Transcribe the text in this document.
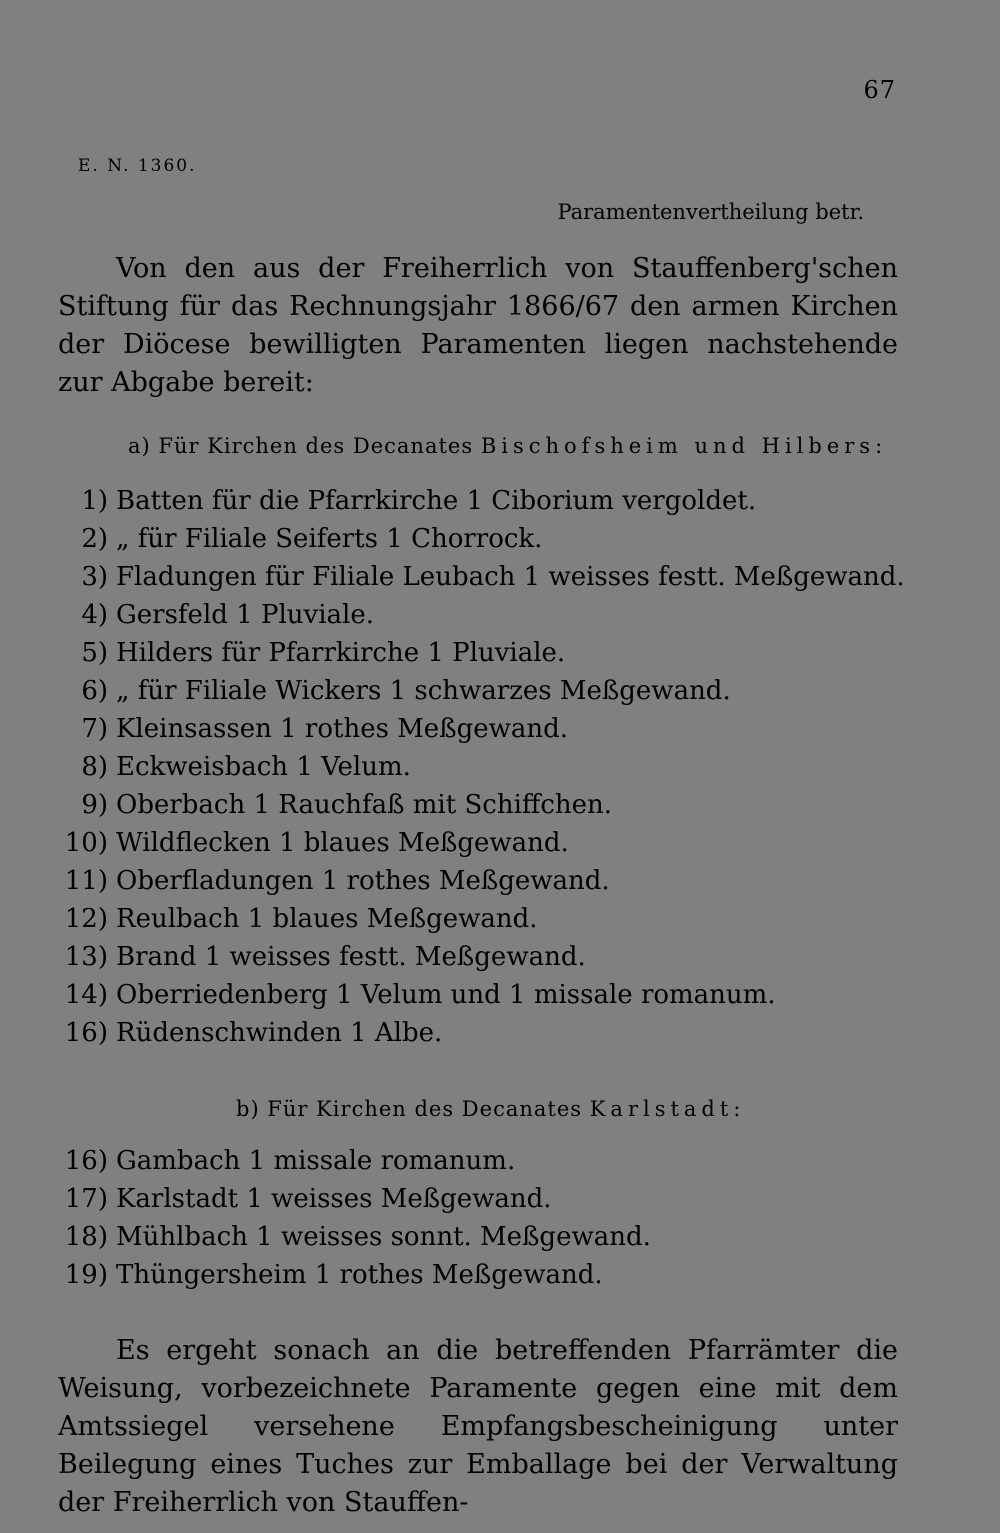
67
E. N. 1360.
Paramentenvertheilung betr.

Von den aus der Freiherrlich von Stauffenberg'schen Stiftung für das Rechnungsjahr 1866/67 den armen Kirchen der Diöcese bewilligten Paramenten liegen nachstehende zur Abgabe bereit:

a) Für Kirchen des Decanates Bischofsheim und Hilbers:
1) Batten für die Pfarrkirche 1 Ciborium vergoldet.
2) „ für Filiale Seiferts 1 Chorrock.
3) Fladungen für Filiale Leubach 1 weisses festt. Meßgewand.
4) Gersfeld 1 Pluviale.
5) Hilders für Pfarrkirche 1 Pluviale.
6) „ für Filiale Wickers 1 schwarzes Meßgewand.
7) Kleinsassen 1 rothes Meßgewand.
8) Eckweisbach 1 Velum.
9) Oberbach 1 Rauchfaß mit Schiffchen.
10) Wildflecken 1 blaues Meßgewand.
11) Oberfladungen 1 rothes Meßgewand.
12) Reulbach 1 blaues Meßgewand.
13) Brand 1 weisses festt. Meßgewand.
14) Oberriedenberg 1 Velum und 1 missale romanum.
16) Rüdenschwinden 1 Albe.
b) Für Kirchen des Decanates Karlstadt:
16) Gambach 1 missale romanum.
17) Karlstadt 1 weisses Meßgewand.
18) Mühlbach 1 weisses sonnt. Meßgewand.
19) Thüngersheim 1 rothes Meßgewand.

Es ergeht sonach an die betreffenden Pfarrämter die Weisung, vorbezeichnete Paramente gegen eine mit dem Amtssiegel versehene Empfangsbescheinigung unter Beilegung eines Tuches zur Emballage bei der Verwaltung der Freiherrlich von Stauffen-
